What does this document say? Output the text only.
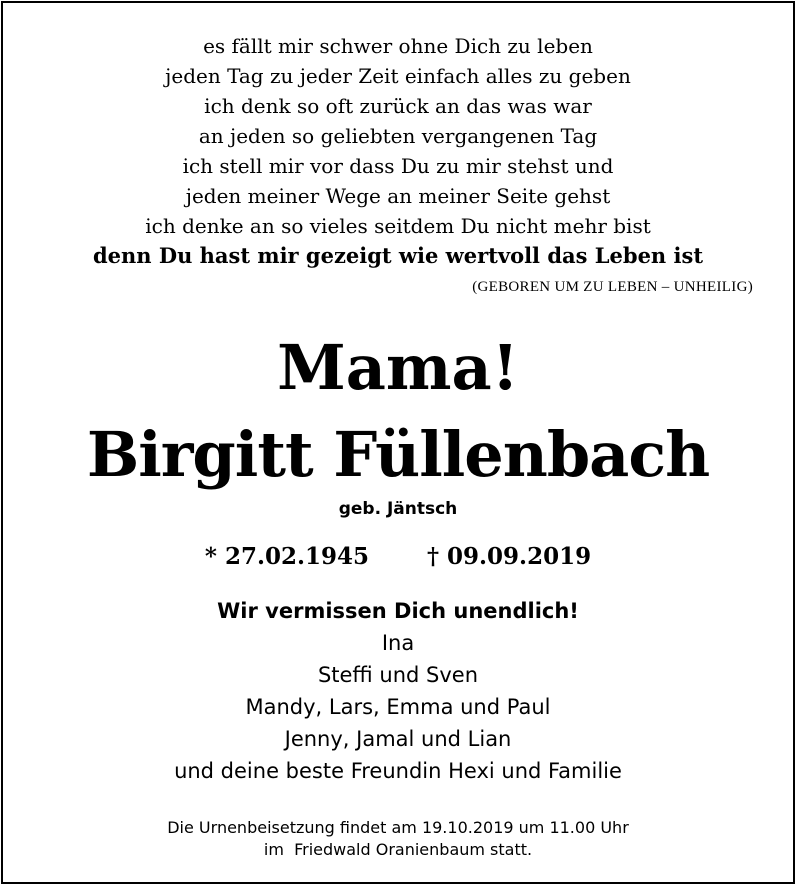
es fällt mir schwer ohne Dich zu leben
jeden Tag zu jeder Zeit einfach alles zu geben
ich denk so oft zurück an das was war
an jeden so geliebten vergangenen Tag
ich stell mir vor dass Du zu mir stehst und
jeden meiner Wege an meiner Seite gehst
ich denke an so vieles seitdem Du nicht mehr bist
denn Du hast mir gezeigt wie wertvoll das Leben ist
(GEBOREN UM ZU LEBEN – UNHEILIG)
Mama!
Birgitt Füllenbach
geb. Jäntsch
* 27.02.1945	† 09.09.2019
Wir vermissen Dich unendlich!
Ina
Steffi und Sven
Mandy, Lars, Emma und Paul
Jenny, Jamal und Lian
und deine beste Freundin Hexi und Familie
Die Urnenbeisetzung findet am 19.10.2019 um 11.00 Uhr
im  Friedwald Oranienbaum statt.
